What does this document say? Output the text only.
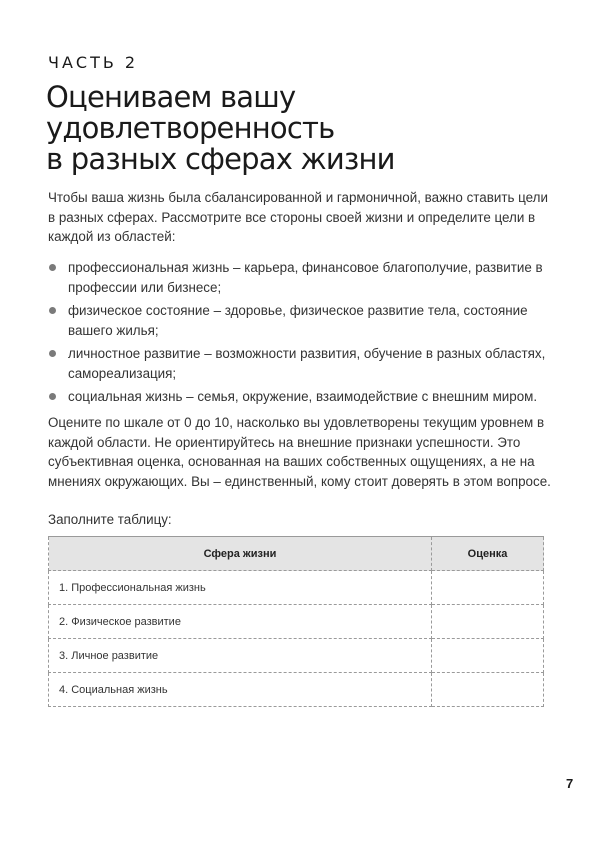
ЧАСТЬ 2
Оцениваем вашу
удовлетворенность
в разных сферах жизни

Чтобы ваша жизнь была сбалансированной и гармоничной, важно ставить цели в разных сферах. Рассмотрите все стороны своей жизни и определите цели в каждой из областей:

профессиональная жизнь – карьера, финансовое благополучие, развитие в профессии или бизнесе;
физическое состояние – здоровье, физическое развитие тела, состояние вашего жилья;
личностное развитие – возможности развития, обучение в разных областях, самореализация;
социальная жизнь – семья, окружение, взаимодействие с внешним миром.

Оцените по шкале от 0 до 10, насколько вы удовлетворены текущим уровнем в каждой области. Не ориентируйтесь на внешние признаки успешности. Это субъективная оценка, основанная на ваших собственных ощущениях, а не на мнениях окружающих. Вы – единственный, кому стоит доверять в этом вопросе.

Заполните таблицу:

Сфера жизни	Оценка
1. Профессиональная жизнь	
2. Физическое развитие	
3. Личное развитие	
4. Социальная жизнь	
7
